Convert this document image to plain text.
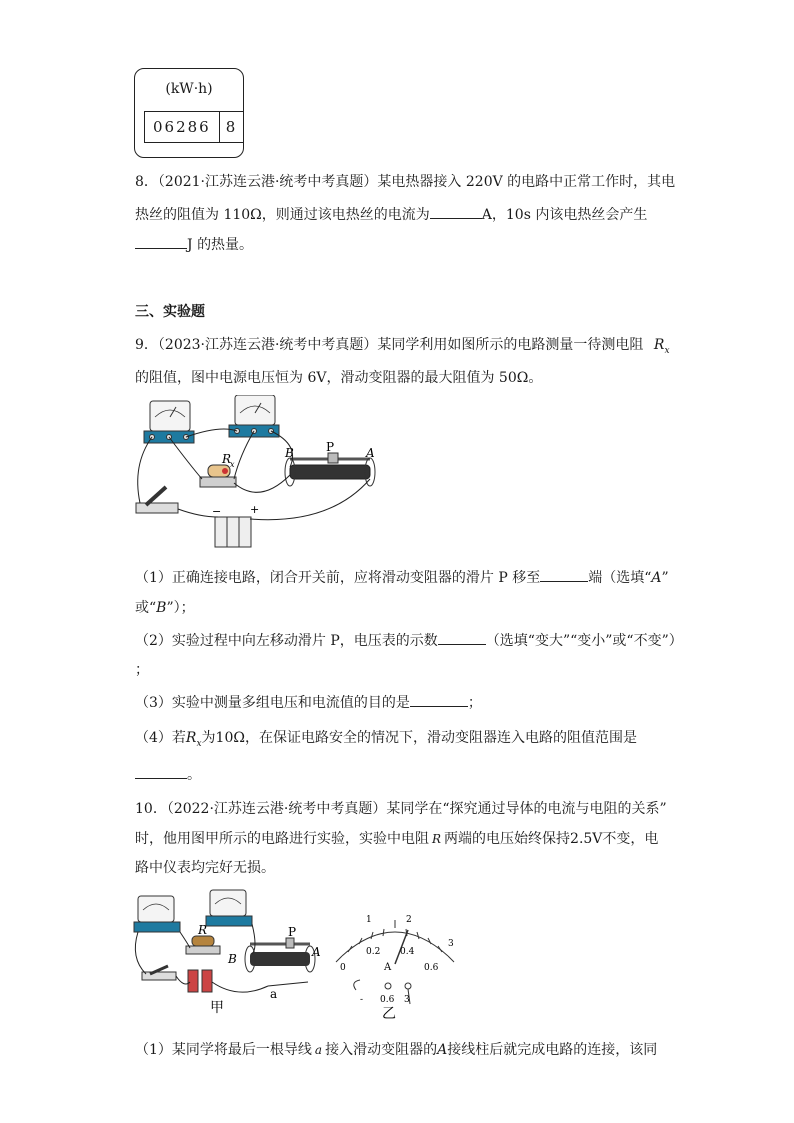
(kW·h)
06286	8
8．（2021·江苏连云港·统考中考真题）某电热器接入 220V 的电路中正常工作时，其电
热丝的阻值为 110Ω，则通过该电热丝的电流为	A，10s 内该电热丝会产生
J 的热量。
三、实验题
9．（2023·江苏连云港·统考中考真题）某同学利用如图所示的电路测量一待测电阻 $R_x$
的阻值，图中电源电压恒为 6V，滑动变阻器的最大阻值为 50Ω。
R
x
B	P	A
−	+
（1）正确连接电路，闭合开关前，应将滑动变阻器的滑片 P 移至	端（选填“A”
或“B”）；
（2）实验过程中向左移动滑片 P，电压表的示数	（选填“变大”“变小”或“不变”）
；
（3）实验中测量多组电压和电流值的目的是	；
（4）若$R_x$为10Ω，在保证电路安全的情况下，滑动变阻器连入电路的阻值范围是
。
10．（2022·江苏连云港·统考中考真题）某同学在“探究通过导体的电流与电阻的关系”
时，他用图甲所示的电路进行实验，实验中电阻 R 两端的电压始终保持2.5V不变，电
路中仪表均完好无损。
R
B
P
A
a
甲
1	2
3
0
0.2 0.4
0.6
A
- 0.6 3
乙
（1）某同学将最后一根导线 a 接入滑动变阻器的A接线柱后就完成电路的连接，该同
